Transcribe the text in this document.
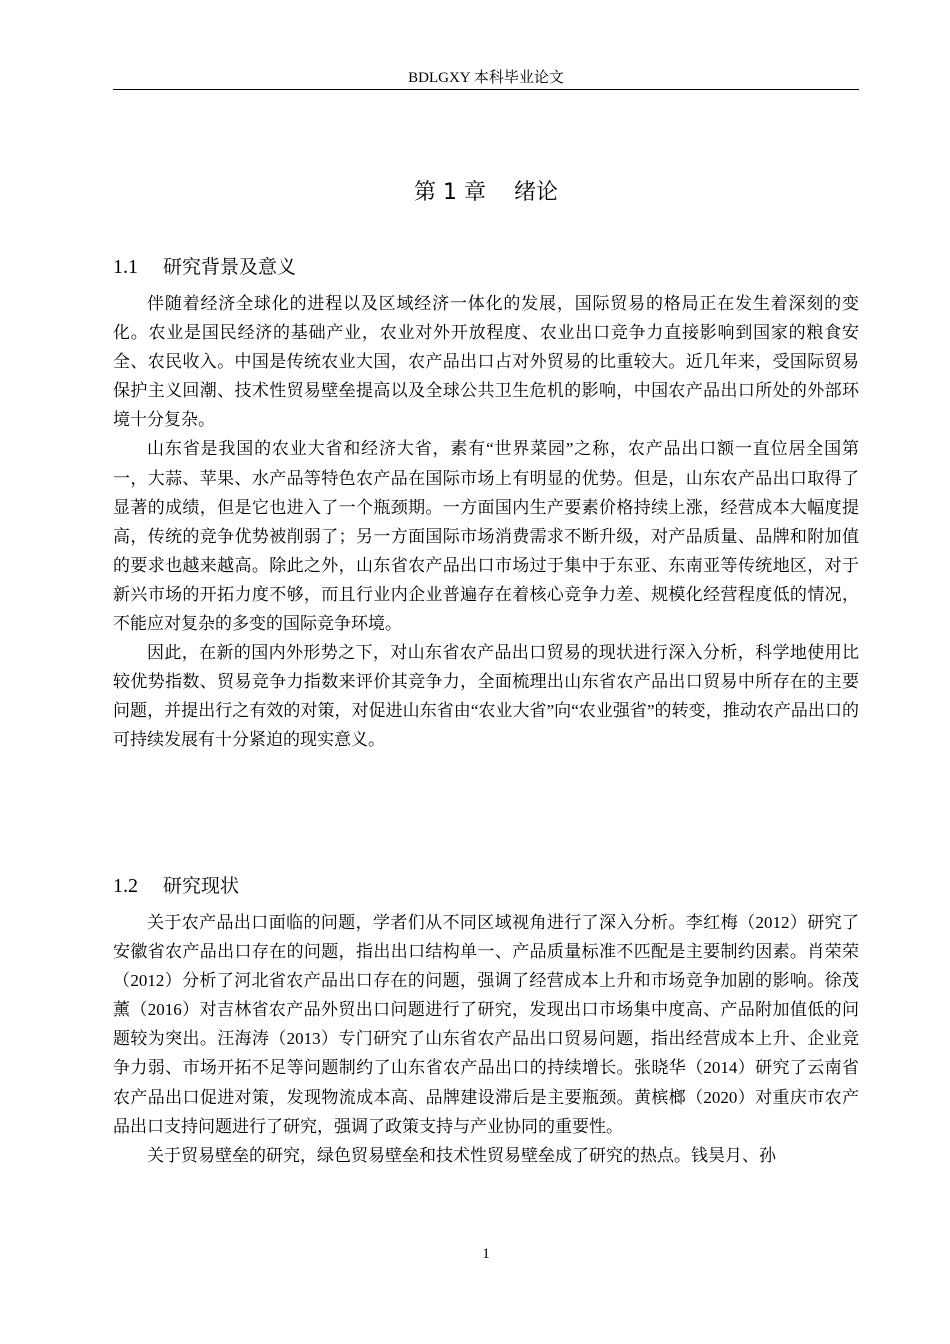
BDLGXY 本科毕业论文
第 1 章    绪论
1.1 研究背景及意义

伴随着经济全球化的进程以及区域经济一体化的发展，国际贸易的格局正在发生着深刻的变化。农业是国民经济的基础产业，农业对外开放程度、农业出口竞争力直接影响到国家的粮食安全、农民收入。中国是传统农业大国，农产品出口占对外贸易的比重较大。近几年来，受国际贸易保护主义回潮、技术性贸易壁垒提高以及全球公共卫生危机的影响，中国农产品出口所处的外部环境十分复杂。

山东省是我国的农业大省和经济大省，素有“世界菜园”之称，农产品出口额一直位居全国第一，大蒜、苹果、水产品等特色农产品在国际市场上有明显的优势。但是，山东农产品出口取得了显著的成绩，但是它也进入了一个瓶颈期。一方面国内生产要素价格持续上涨，经营成本大幅度提高，传统的竞争优势被削弱了；另一方面国际市场消费需求不断升级，对产品质量、品牌和附加值的要求也越来越高。除此之外，山东省农产品出口市场过于集中于东亚、东南亚等传统地区，对于新兴市场的开拓力度不够，而且行业内企业普遍存在着核心竞争力差、规模化经营程度低的情况，不能应对复杂的多变的国际竞争环境。

因此，在新的国内外形势之下，对山东省农产品出口贸易的现状进行深入分析，科学地使用比较优势指数、贸易竞争力指数来评价其竞争力，全面梳理出山东省农产品出口贸易中所存在的主要问题，并提出行之有效的对策，对促进山东省由“农业大省”向“农业强省”的转变，推动农产品出口的可持续发展有十分紧迫的现实意义。

1.2 研究现状

关于农产品出口面临的问题，学者们从不同区域视角进行了深入分析。李红梅（2012）研究了安徽省农产品出口存在的问题，指出出口结构单一、产品质量标准不匹配是主要制约因素。肖荣荣（2012）分析了河北省农产品出口存在的问题，强调了经营成本上升和市场竞争加剧的影响。徐茂薰（2016）对吉林省农产品外贸出口问题进行了研究，发现出口市场集中度高、产品附加值低的问题较为突出。汪海涛（2013）专门研究了山东省农产品出口贸易问题，指出经营成本上升、企业竞争力弱、市场开拓不足等问题制约了山东省农产品出口的持续增长。张晓华（2014）研究了云南省农产品出口促进对策，发现物流成本高、品牌建设滞后是主要瓶颈。黄槟榔（2020）对重庆市农产品出口支持问题进行了研究，强调了政策支持与产业协同的重要性。

关于贸易壁垒的研究，绿色贸易壁垒和技术性贸易壁垒成了研究的热点。钱昊月、孙

1
